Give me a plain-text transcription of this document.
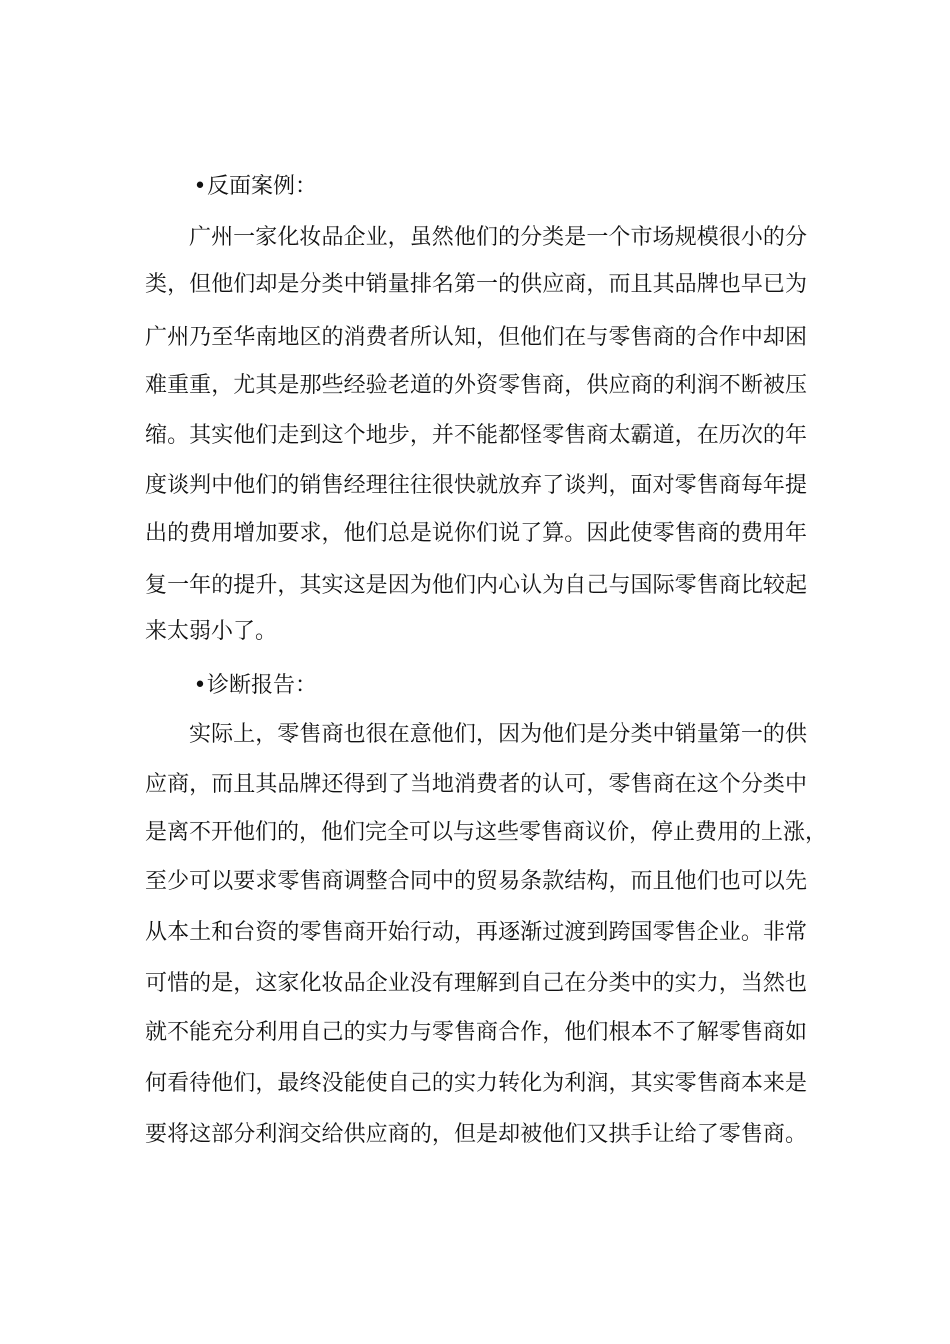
•反面案例：
广州一家化妆品企业，虽然他们的分类是一个市场规模很小的分
类，但他们却是分类中销量排名第一的供应商，而且其品牌也早已为
广州乃至华南地区的消费者所认知，但他们在与零售商的合作中却困
难重重，尤其是那些经验老道的外资零售商，供应商的利润不断被压
缩。其实他们走到这个地步，并不能都怪零售商太霸道，在历次的年
度谈判中他们的销售经理往往很快就放弃了谈判，面对零售商每年提
出的费用增加要求，他们总是说你们说了算。因此使零售商的费用年
复一年的提升，其实这是因为他们内心认为自己与国际零售商比较起
来太弱小了。
•诊断报告：
实际上，零售商也很在意他们，因为他们是分类中销量第一的供
应商，而且其品牌还得到了当地消费者的认可，零售商在这个分类中
是离不开他们的，他们完全可以与这些零售商议价，停止费用的上涨，
至少可以要求零售商调整合同中的贸易条款结构，而且他们也可以先
从本土和台资的零售商开始行动，再逐渐过渡到跨国零售企业。非常
可惜的是，这家化妆品企业没有理解到自己在分类中的实力，当然也
就不能充分利用自己的实力与零售商合作，他们根本不了解零售商如
何看待他们，最终没能使自己的实力转化为利润，其实零售商本来是
要将这部分利润交给供应商的，但是却被他们又拱手让给了零售商。
